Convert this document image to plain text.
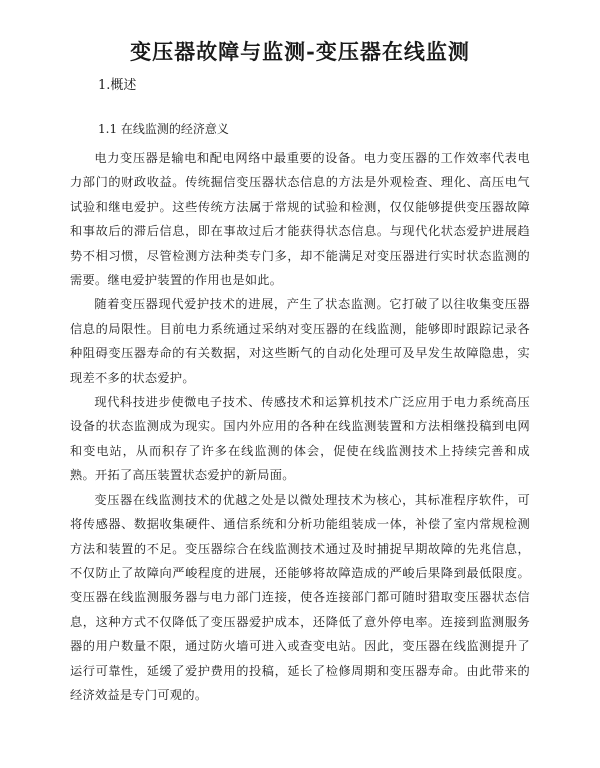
变压器故障与监测-变压器在线监测
1.概述
1.1 在线监测的经济意义

电力变压器是输电和配电网络中最重要的设备。电力变压器的工作效率代表电力部门的财政收益。传统掘信变压器状态信息的方法是外观检查、理化、高压电气试验和继电爱护。这些传统方法属于常规的试验和检测，仅仅能够提供变压器故障和事故后的滞后信息，即在事故过后才能获得状态信息。与现代化状态爱护进展趋势不相习惯，尽管检测方法种类专门多，却不能满足对变压器进行实时状态监测的需要。继电爱护装置的作用也是如此。

随着变压器现代爱护技术的进展，产生了状态监测。它打破了以往收集变压器信息的局限性。目前电力系统通过采纳对变压器的在线监测，能够即时跟踪记录各种阻碍变压器寿命的有关数据，对这些断气的自动化处理可及早发生故障隐患，实现差不多的状态爱护。

现代科技进步使微电子技术、传感技术和运算机技术广泛应用于电力系统高压设备的状态监测成为现实。国内外应用的各种在线监测装置和方法相继投稿到电网和变电站，从而积存了许多在线监测的体会，促使在线监测技术上持续完善和成熟。开拓了高压装置状态爱护的新局面。

变压器在线监测技术的优越之处是以微处理技术为核心，其标准程序软件，可将传感器、数据收集硬件、通信系统和分析功能组装成一体，补偿了室内常规检测方法和装置的不足。变压器综合在线监测技术通过及时捕捉早期故障的先兆信息，不仅防止了故障向严峻程度的进展，还能够将故障造成的严峻后果降到最低限度。变压器在线监测服务器与电力部门连接，使各连接部门都可随时猎取变压器状态信息，这种方式不仅降低了变压器爱护成本，还降低了意外停电率。连接到监测服务器的用户数量不限，通过防火墙可进入或查变电站。因此，变压器在线监测提升了运行可靠性，延缓了爱护费用的投稿，延长了检修周期和变压器寿命。由此带来的经济效益是专门可观的。
